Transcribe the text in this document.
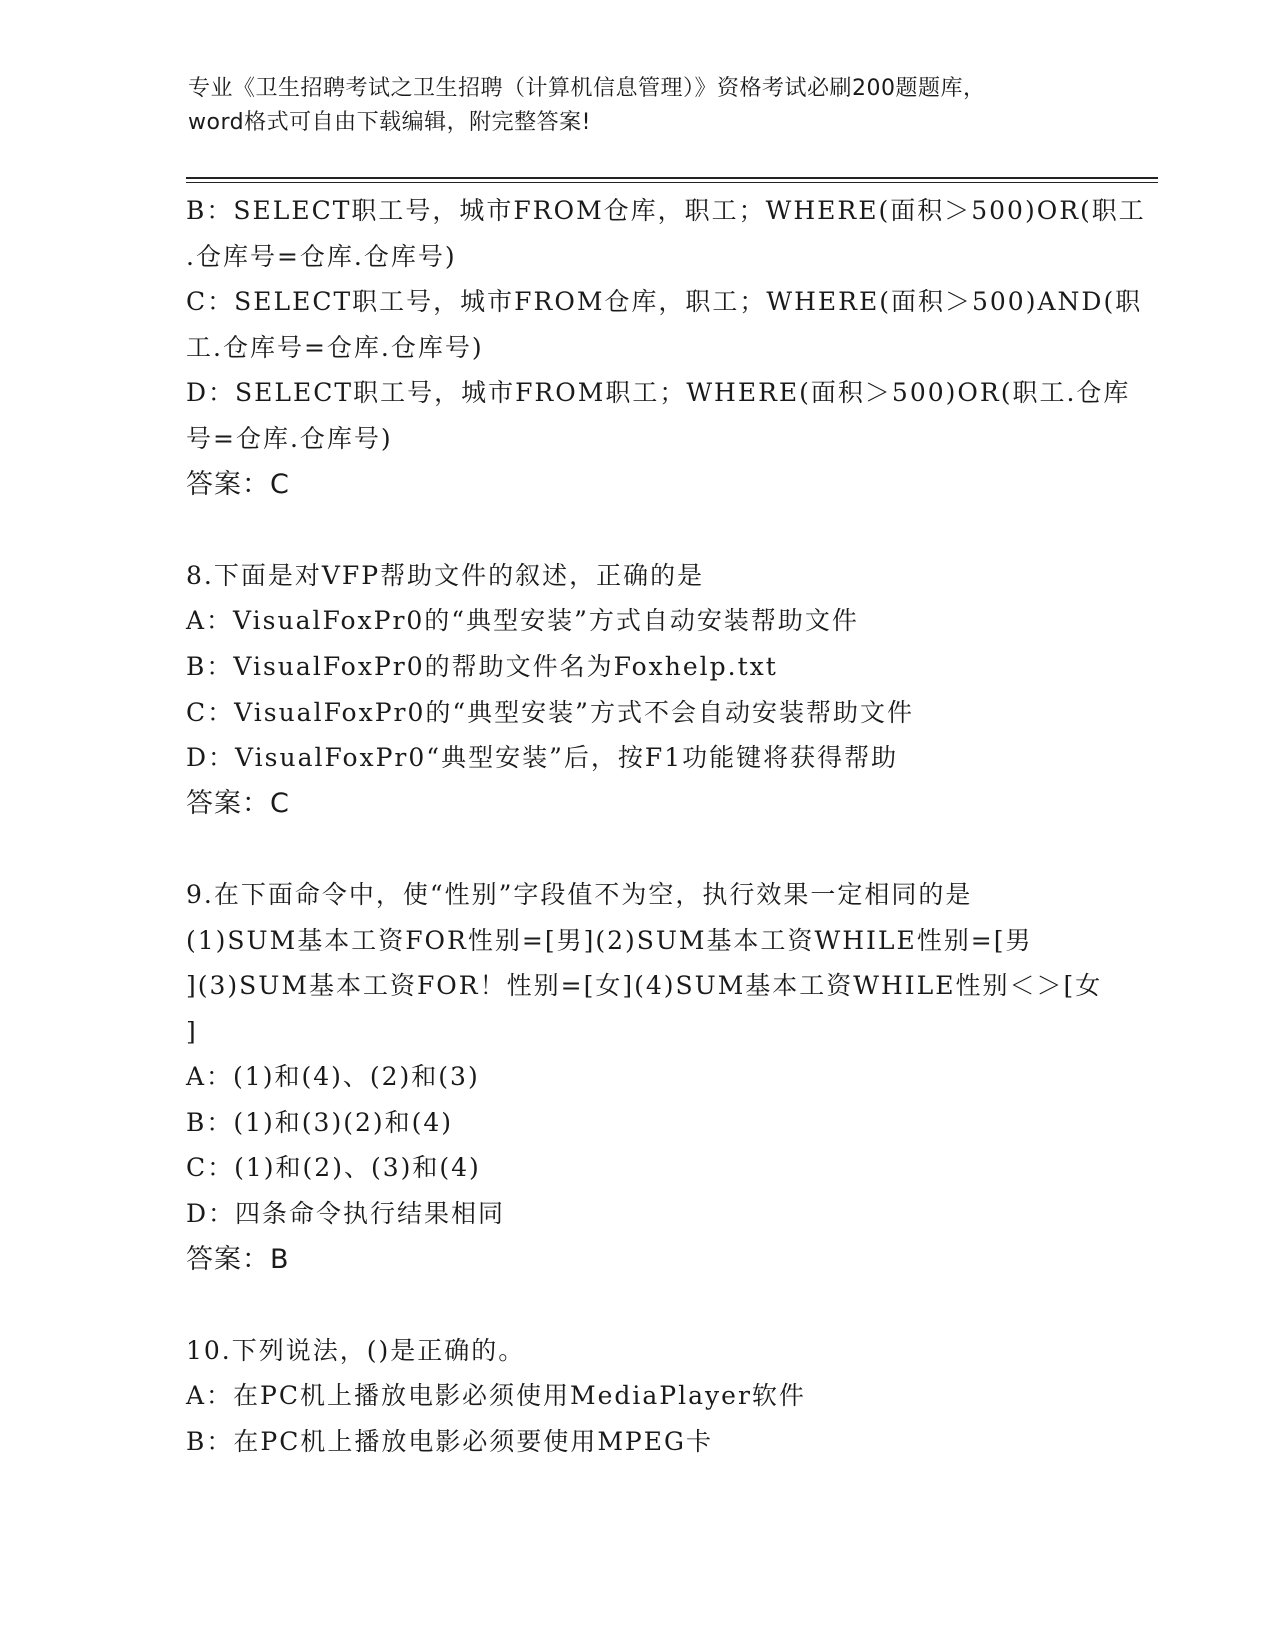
专业《卫生招聘考试之卫生招聘（计算机信息管理）》资格考试必刷200题题库，
word格式可自由下载编辑，附完整答案!
B：SELECT职工号，城市FROM仓库，职工；WHERE(面积＞500)OR(职工
.仓库号=仓库.仓库号)
C：SELECT职工号，城市FROM仓库，职工；WHERE(面积＞500)AND(职
工.仓库号=仓库.仓库号)
D：SELECT职工号，城市FROM职工；WHERE(面积＞500)OR(职工.仓库
号=仓库.仓库号)
答案：C
8.下面是对VFP帮助文件的叙述，正确的是
A：VisualFoxPr0的“典型安装”方式自动安装帮助文件
B：VisualFoxPr0的帮助文件名为Foxhelp.txt
C：VisualFoxPr0的“典型安装”方式不会自动安装帮助文件
D：VisualFoxPr0“典型安装”后，按F1功能键将获得帮助
答案：C
9.在下面命令中，使“性别”字段值不为空，执行效果一定相同的是
(1)SUM基本工资FOR性别=[男](2)SUM基本工资WHILE性别=[男
](3)SUM基本工资FOR！性别=[女](4)SUM基本工资WHILE性别＜＞[女
]
A：(1)和(4)、(2)和(3)
B：(1)和(3)(2)和(4)
C：(1)和(2)、(3)和(4)
D：四条命令执行结果相同
答案：B
10.下列说法，()是正确的。
A：在PC机上播放电影必须使用MediaPlayer软件
B：在PC机上播放电影必须要使用MPEG卡
